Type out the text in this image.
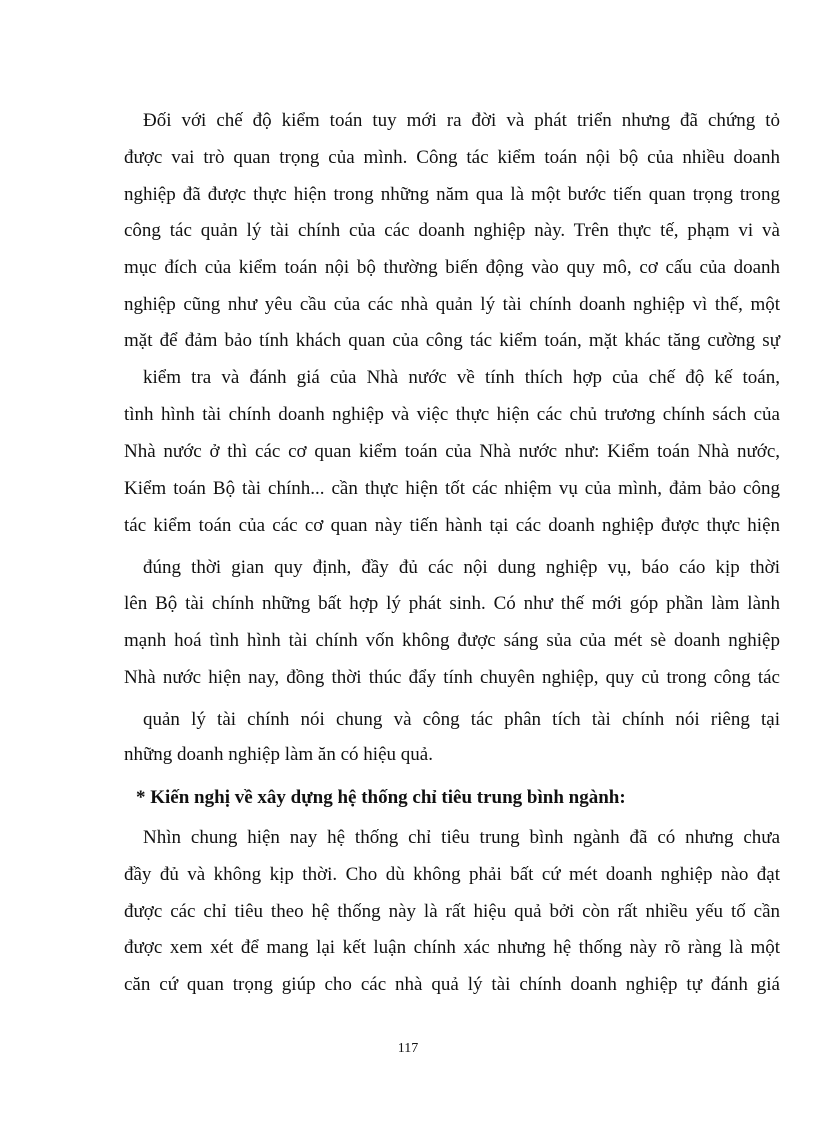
Đối với chế độ kiểm toán tuy mới ra đời và phát triển nhưng đã chứng tỏ

được vai trò quan trọng của mình. Công tác kiểm toán nội bộ của nhiều doanh

nghiệp đã được thực hiện trong những năm qua là một bước tiến quan trọng trong

công tác quản lý tài chính của các doanh nghiệp này. Trên thực tế, phạm vi và

mục đích của kiểm toán nội bộ thường biến động vào quy mô, cơ cấu của doanh

nghiệp cũng như yêu cầu của các nhà quản lý tài chính doanh nghiệp vì thế, một

mặt để đảm bảo tính khách quan của công tác kiểm toán, mặt khác tăng cường sự

kiểm tra và đánh giá của Nhà nước về tính thích hợp của chế độ kế toán,

tình hình tài chính doanh nghiệp và việc thực hiện các chủ trương chính sách của

Nhà nước ở thì các cơ quan kiểm toán của Nhà nước như: Kiểm toán Nhà nước,

Kiểm toán Bộ tài chính... cần thực hiện tốt các nhiệm vụ của mình, đảm bảo công

tác kiểm toán của các cơ quan này tiến hành tại các doanh nghiệp được thực hiện

đúng thời gian quy định, đầy đủ các nội dung nghiệp vụ, báo cáo kịp thời

lên Bộ tài chính những bất hợp lý phát sinh. Có như thế mới góp phần làm lành

mạnh hoá tình hình tài chính vốn không được sáng sủa của mét sè doanh nghiệp

Nhà nước hiện nay, đồng thời thúc đẩy tính chuyên nghiệp, quy củ trong công tác

quản lý tài chính nói chung và công tác phân tích tài chính nói riêng tại

những doanh nghiệp làm ăn có hiệu quả.

* Kiến nghị về xây dựng hệ thống chỉ tiêu trung bình ngành:

Nhìn chung hiện nay hệ thống chỉ tiêu trung bình ngành đã có nhưng chưa

đầy đủ và không kịp thời. Cho dù không phải bất cứ mét doanh nghiệp nào đạt

được các chỉ tiêu theo hệ thống này là rất hiệu quả bởi còn rất nhiều yếu tố cần

được xem xét để mang lại kết luận chính xác nhưng hệ thống này rõ ràng là một

căn cứ quan trọng giúp cho các nhà quả lý tài chính doanh nghiệp tự đánh giá

117
